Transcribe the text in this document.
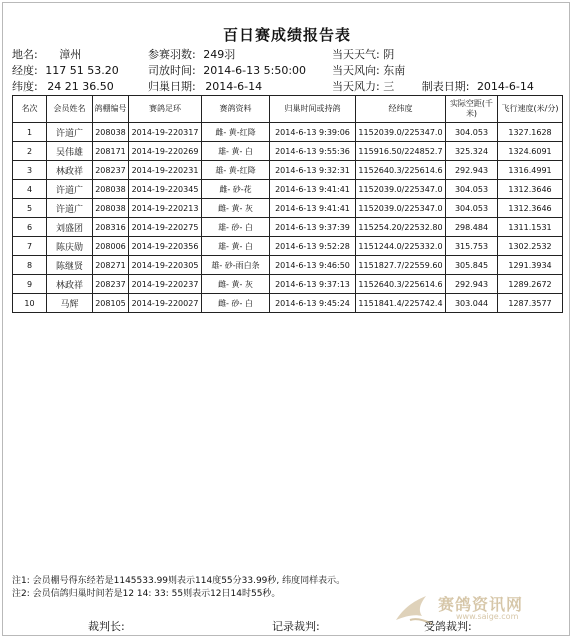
百日赛成绩报告表
地名: 漳州
经度: 117 51 53.20
纬度: 24 21 36.50
参赛羽数: 249羽
司放时间: 2014-6-13 5:50:00
归巢日期: 2014-6-14
当天天气: 阴
当天风向: 东南
当天风力: 三	制表日期: 2014-6-14
名次	会员姓名	鸽棚编号	赛鸽足环	赛鸽资料	归巢时间或持鸽	经纬度	实际空距(千米)	飞行速度(米/分)
1	许道广	208038	2014-19-220317	雌- 黄-红降	2014-6-13 9:39:06	1152039.0/225347.0	304.053	1327.1628
2	吴伟雄	208171	2014-19-220269	雄- 黄- 白	2014-6-13 9:55:36	115916.50/224852.7	325.324	1324.6091
3	林政祥	208237	2014-19-220231	雄- 黄-红降	2014-6-13 9:32:31	1152640.3/225614.6	292.943	1316.4991
4	许道广	208038	2014-19-220345	雌- 砂-花	2014-6-13 9:41:41	1152039.0/225347.0	304.053	1312.3646
5	许道广	208038	2014-19-220213	雌- 黄- 灰	2014-6-13 9:41:41	1152039.0/225347.0	304.053	1312.3646
6	刘盛团	208316	2014-19-220275	雄- 砂- 白	2014-6-13 9:37:39	115254.20/22532.80	298.484	1311.1531
7	陈庆勋	208006	2014-19-220356	雄- 黄- 白	2014-6-13 9:52:28	1151244.0/225332.0	315.753	1302.2532
8	陈继贤	208271	2014-19-220305	雄- 砂-雨白条	2014-6-13 9:46:50	1151827.7/22559.60	305.845	1291.3934
9	林政祥	208237	2014-19-220237	雌- 黄- 灰	2014-6-13 9:37:13	1152640.3/225614.6	292.943	1289.2672
10	马辉	208105	2014-19-220027	雌- 砂- 白	2014-6-13 9:45:24	1151841.4/225742.4	303.044	1287.3577
注1: 会员棚号得东经若是1145533.99则表示114度55分33.99秒, 纬度同样表示。
注2: 会员信鸽归巢时间若是12 14: 33: 55则表示12日14时55秒。
赛鸽资讯网
www.saige.com
裁判长:	记录裁判:	受鸽裁判:
